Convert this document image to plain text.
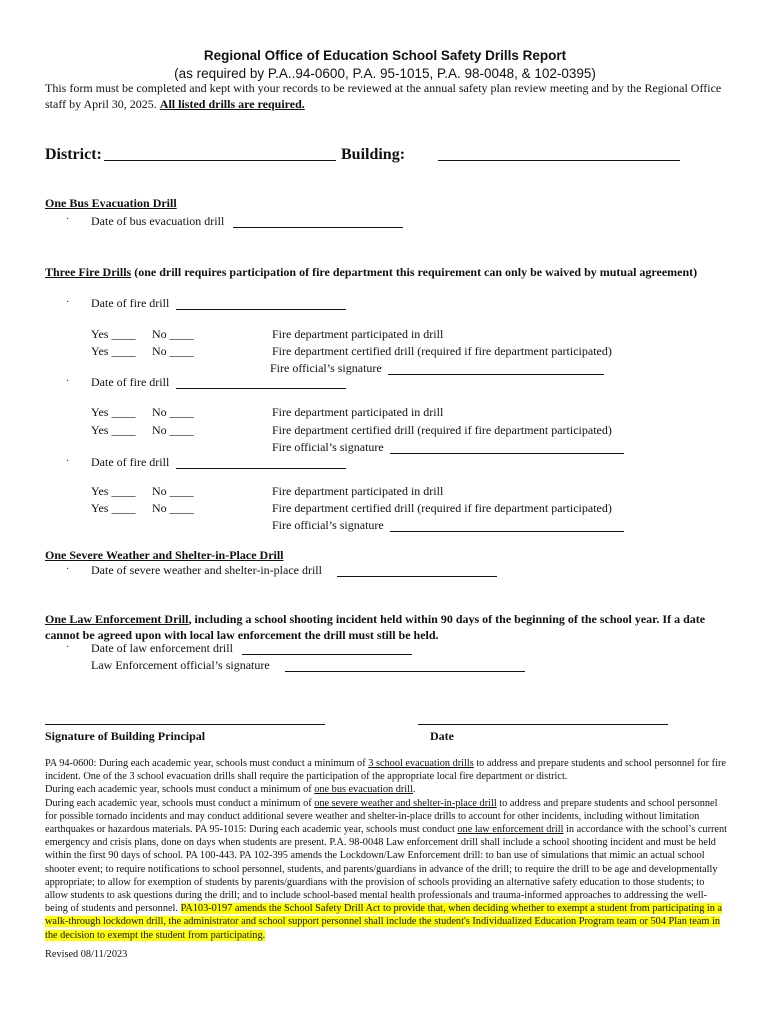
Regional Office of Education School Safety Drills Report
(as required by P.A..94-0600, P.A. 95-1015, P.A. 98-0048, & 102-0395)
This form must be completed and kept with your records to be reviewed at the annual safety plan review meeting and by the Regional Office staff by April 30, 2025. All listed drills are required.
District:	Building:
One Bus Evacuation Drill
· Date of bus evacuation drill
Three Fire Drills (one drill requires participation of fire department this requirement can only be waived by mutual agreement)
· Date of fire drill
Yes ____ No ____	Fire department participated in drill
Yes ____ No ____	Fire department certified drill (required if fire department participated)
Fire official’s signature
· Date of fire drill
Yes ____ No ____	Fire department participated in drill
Yes ____ No ____	Fire department certified drill (required if fire department participated)
Fire official’s signature
· Date of fire drill
Yes ____ No ____	Fire department participated in drill
Yes ____ No ____	Fire department certified drill (required if fire department participated)
Fire official’s signature
One Severe Weather and Shelter-in-Place Drill
· Date of severe weather and shelter-in-place drill
One Law Enforcement Drill, including a school shooting incident held within 90 days of the beginning of the school year. If a date cannot be agreed upon with local law enforcement the drill must still be held.
· Date of law enforcement drill
Law Enforcement official’s signature
Signature of Building Principal	Date
PA 94-0600: During each academic year, schools must conduct a minimum of 3 school evacuation drills to address and prepare students and school personnel for fire incident. One of the 3 school evacuation drills shall require the participation of the appropriate local fire department or district.
During each academic year, schools must conduct a minimum of one bus evacuation drill.
During each academic year, schools must conduct a minimum of one severe weather and shelter-in-place drill to address and prepare students and school personnel for possible tornado incidents and may conduct additional severe weather and shelter-in-place drills to account for other incidents, including without limitation earthquakes or hazardous materials. PA 95-1015: During each academic year, schools must conduct one law enforcement drill in accordance with the school’s current emergency and crisis plans, done on days when students are present. P.A. 98-0048 Law enforcement drill shall include a school shooting incident and must be held within the first 90 days of school. PA 100-443. PA 102-395 amends the Lockdown/Law Enforcement drill: to ban use of simulations that mimic an actual school shooter event; to require notifications to school personnel, students, and parents/guardians in advance of the drill; to require the drill to be age and developmentally appropriate; to allow for exemption of students by parents/guardians with the provision of schools providing an alternative safety education to those students; to allow students to ask questions during the drill; and to include school-based mental health professionals and trauma-informed approaches to addressing the well-being of students and personnel. PA103-0197 amends the School Safety Drill Act to provide that, when deciding whether to exempt a student from participating in a walk-through lockdown drill, the administrator and school support personnel shall include the student's Individualized Education Program team or 504 Plan team in the decision to exempt the student from participating.
Revised 08/11/2023
